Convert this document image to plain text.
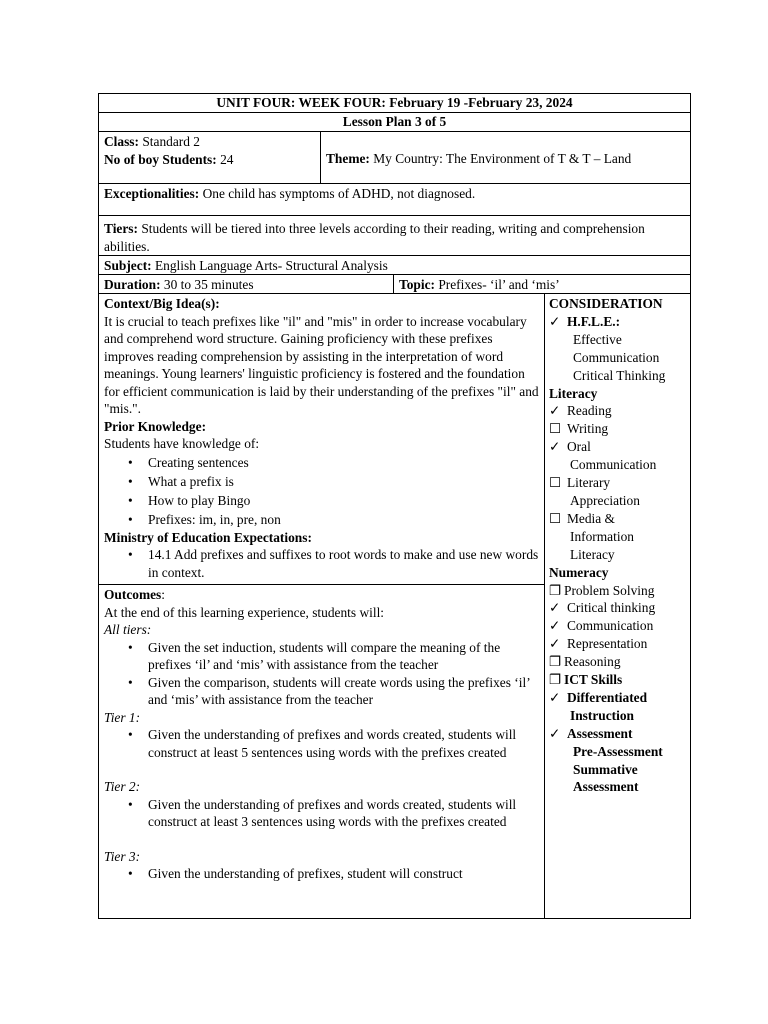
UNIT FOUR: WEEK FOUR: February 19 -February 23, 2024
Lesson Plan 3 of 5
Class: Standard 2
No of boy Students: 24	Theme: My Country: The Environment of T & T – Land
Exceptionalities: One child has symptoms of ADHD, not diagnosed.
Tiers: Students will be tiered into three levels according to their reading, writing and comprehension abilities.
Subject: English Language Arts- Structural Analysis
Duration: 30 to 35 minutes	Topic: Prefixes- ‘il’ and ‘mis’
Context/Big Idea(s):
It is crucial to teach prefixes like "il" and "mis" in order to increase vocabulary and comprehend word structure. Gaining proficiency with these prefixes improves reading comprehension by assisting in the interpretation of word meanings. Young learners' linguistic proficiency is fostered and the foundation for efficient communication is laid by their understanding of the prefixes "il" and "mis.".
Prior Knowledge:
Students have knowledge of:
• Creating sentences
• What a prefix is
• How to play Bingo
• Prefixes: im, in, pre, non
Ministry of Education Expectations:
• 14.1 Add prefixes and suffixes to root words to make and use new words in context.
Outcomes:
At the end of this learning experience, students will:
All tiers:
• Given the set induction, students will compare the meaning of the prefixes ‘il’ and ‘mis’ with assistance from the teacher
• Given the comparison, students will create words using the prefixes ‘il’ and ‘mis’ with assistance from the teacher
Tier 1:
• Given the understanding of prefixes and words created, students will construct at least 5 sentences using words with the prefixes created
Tier 2:
• Given the understanding of prefixes and words created, students will construct at least 3 sentences using words with the prefixes created
Tier 3:
• Given the understanding of prefixes, student will construct

CONSIDERATION

✓ H.F.L.E.:

Effective

Communication

Critical Thinking

Literacy

✓ Reading

☐ Writing

✓ Oral

Communication

☐ Literary

Appreciation

☐ Media &

Information

Literacy

Numeracy

❐ Problem Solving

✓ Critical thinking

✓ Communication

✓ Representation

❐ Reasoning

❐ ICT Skills

✓ Differentiated

Instruction

✓ Assessment

Pre-Assessment

Summative

Assessment
